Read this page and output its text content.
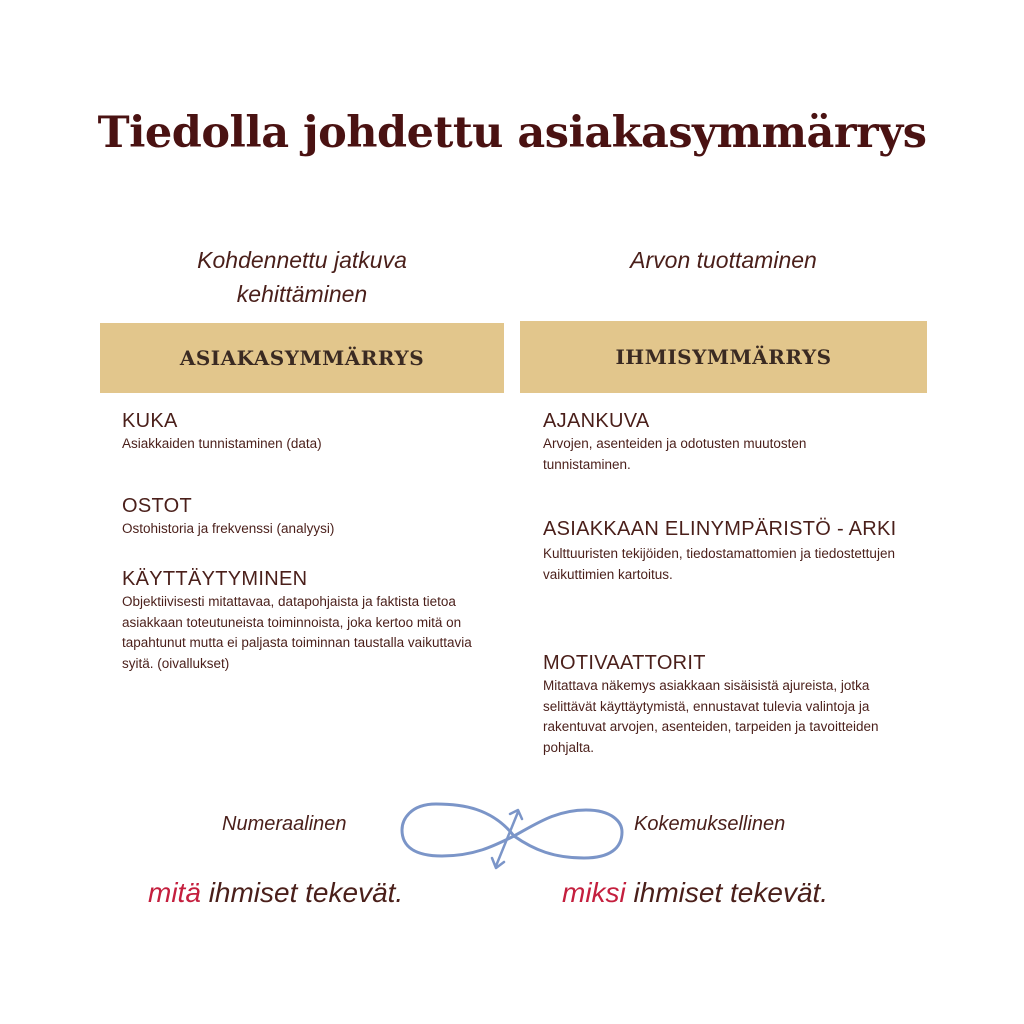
Tiedolla johdettu asiakasymmärrys
Kohdennettu jatkuva
kehittäminen
ASIAKASYMMÄRRYS
KUKA
Asiakkaiden tunnistaminen (data)
OSTOT
Ostohistoria ja frekvenssi (analyysi)
KÄYTTÄYTYMINEN
Objektiivisesti mitattavaa, datapohjaista ja faktista tietoa asiakkaan toteutuneista toiminnoista, joka kertoo mitä on tapahtunut mutta ei paljasta toiminnan taustalla vaikuttavia syitä. (oivallukset)
Arvon tuottaminen
IHMISYMMÄRRYS
AJANKUVA
Arvojen, asenteiden ja odotusten muutosten tunnistaminen.
ASIAKKAAN ELINYMPÄRISTÖ - ARKI
Kulttuuristen tekijöiden, tiedostamattomien ja tiedostettujen vaikuttimien kartoitus.
MOTIVAATTORIT
Mitattava näkemys asiakkaan sisäisistä ajureista, jotka selittävät käyttäytymistä, ennustavat tulevia valintoja ja rakentuvat arvojen, asenteiden, tarpeiden ja tavoitteiden pohjalta.
Numeraalinen	Kokemuksellinen
mitä ihmiset tekevät.	miksi ihmiset tekevät.
